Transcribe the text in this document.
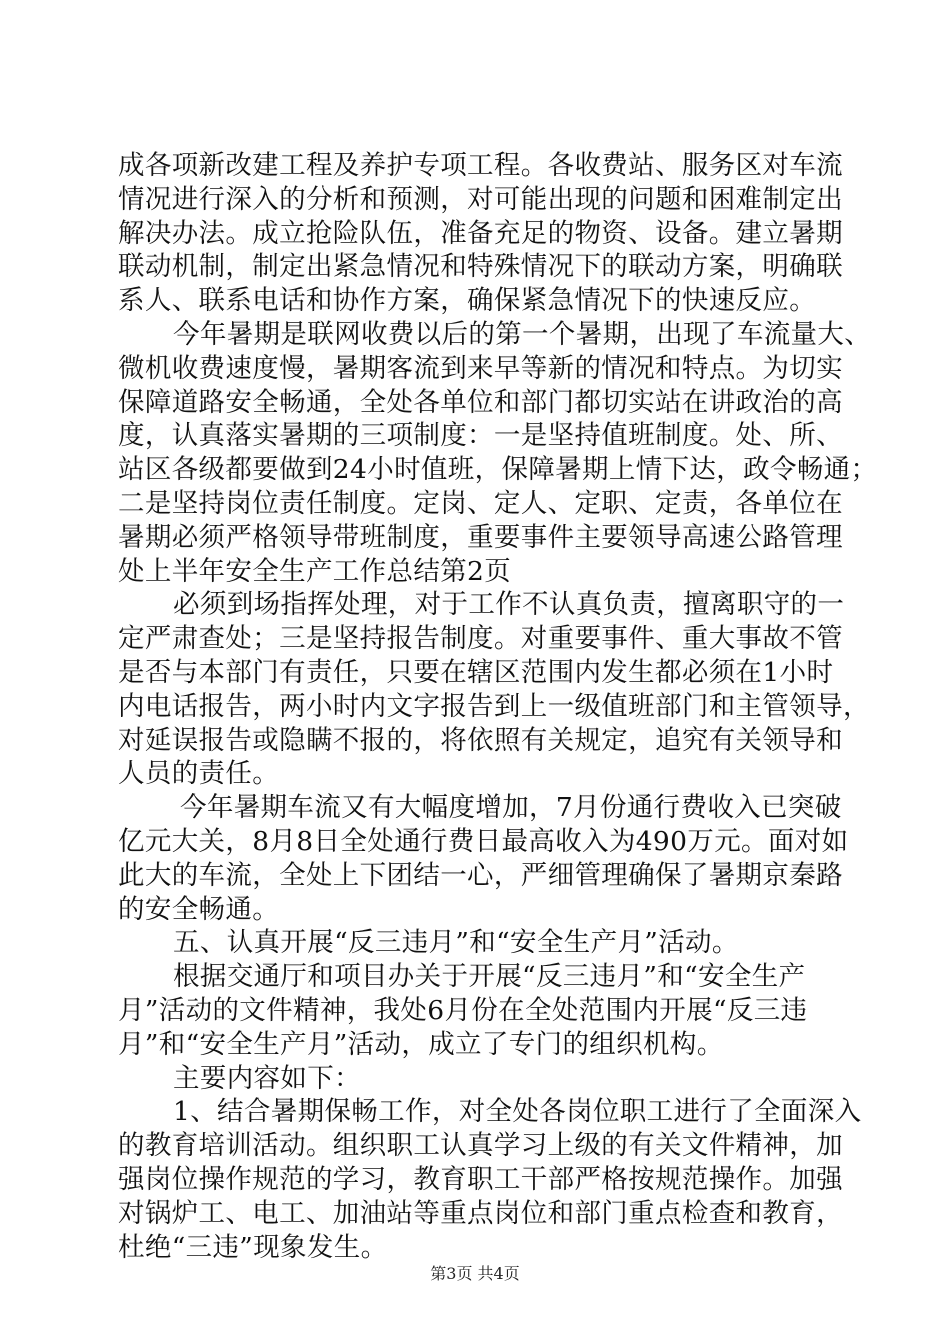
成各项新改建工程及养护专项工程。各收费站、服务区对车流
情况进行深入的分析和预测，对可能出现的问题和困难制定出
解决办法。成立抢险队伍，准备充足的物资、设备。建立暑期
联动机制，制定出紧急情况和特殊情况下的联动方案，明确联
系人、联系电话和协作方案，确保紧急情况下的快速反应。
今年暑期是联网收费以后的第一个暑期，出现了车流量大、
微机收费速度慢，暑期客流到来早等新的情况和特点。为切实
保障道路安全畅通，全处各单位和部门都切实站在讲政治的高
度，认真落实暑期的三项制度：一是坚持值班制度。处、所、
站区各级都要做到24小时值班，保障暑期上情下达，政令畅通；
二是坚持岗位责任制度。定岗、定人、定职、定责，各单位在
暑期必须严格领导带班制度，重要事件主要领导高速公路管理
处上半年安全生产工作总结第2页
必须到场指挥处理，对于工作不认真负责，擅离职守的一
定严肃查处；三是坚持报告制度。对重要事件、重大事故不管
是否与本部门有责任，只要在辖区范围内发生都必须在1小时
内电话报告，两小时内文字报告到上一级值班部门和主管领导，
对延误报告或隐瞒不报的，将依照有关规定，追究有关领导和
人员的责任。
今年暑期车流又有大幅度增加，7月份通行费收入已突破
亿元大关，8月8日全处通行费日最高收入为490万元。面对如
此大的车流，全处上下团结一心，严细管理确保了暑期京秦路
的安全畅通。
五、认真开展“反三违月”和“安全生产月”活动。
根据交通厅和项目办关于开展“反三违月”和“安全生产
月”活动的文件精神，我处6月份在全处范围内开展“反三违
月”和“安全生产月”活动，成立了专门的组织机构。
主要内容如下：
1、结合暑期保畅工作，对全处各岗位职工进行了全面深入
的教育培训活动。组织职工认真学习上级的有关文件精神，加
强岗位操作规范的学习，教育职工干部严格按规范操作。加强
对锅炉工、电工、加油站等重点岗位和部门重点检查和教育，
杜绝“三违”现象发生。
第3页 共4页
